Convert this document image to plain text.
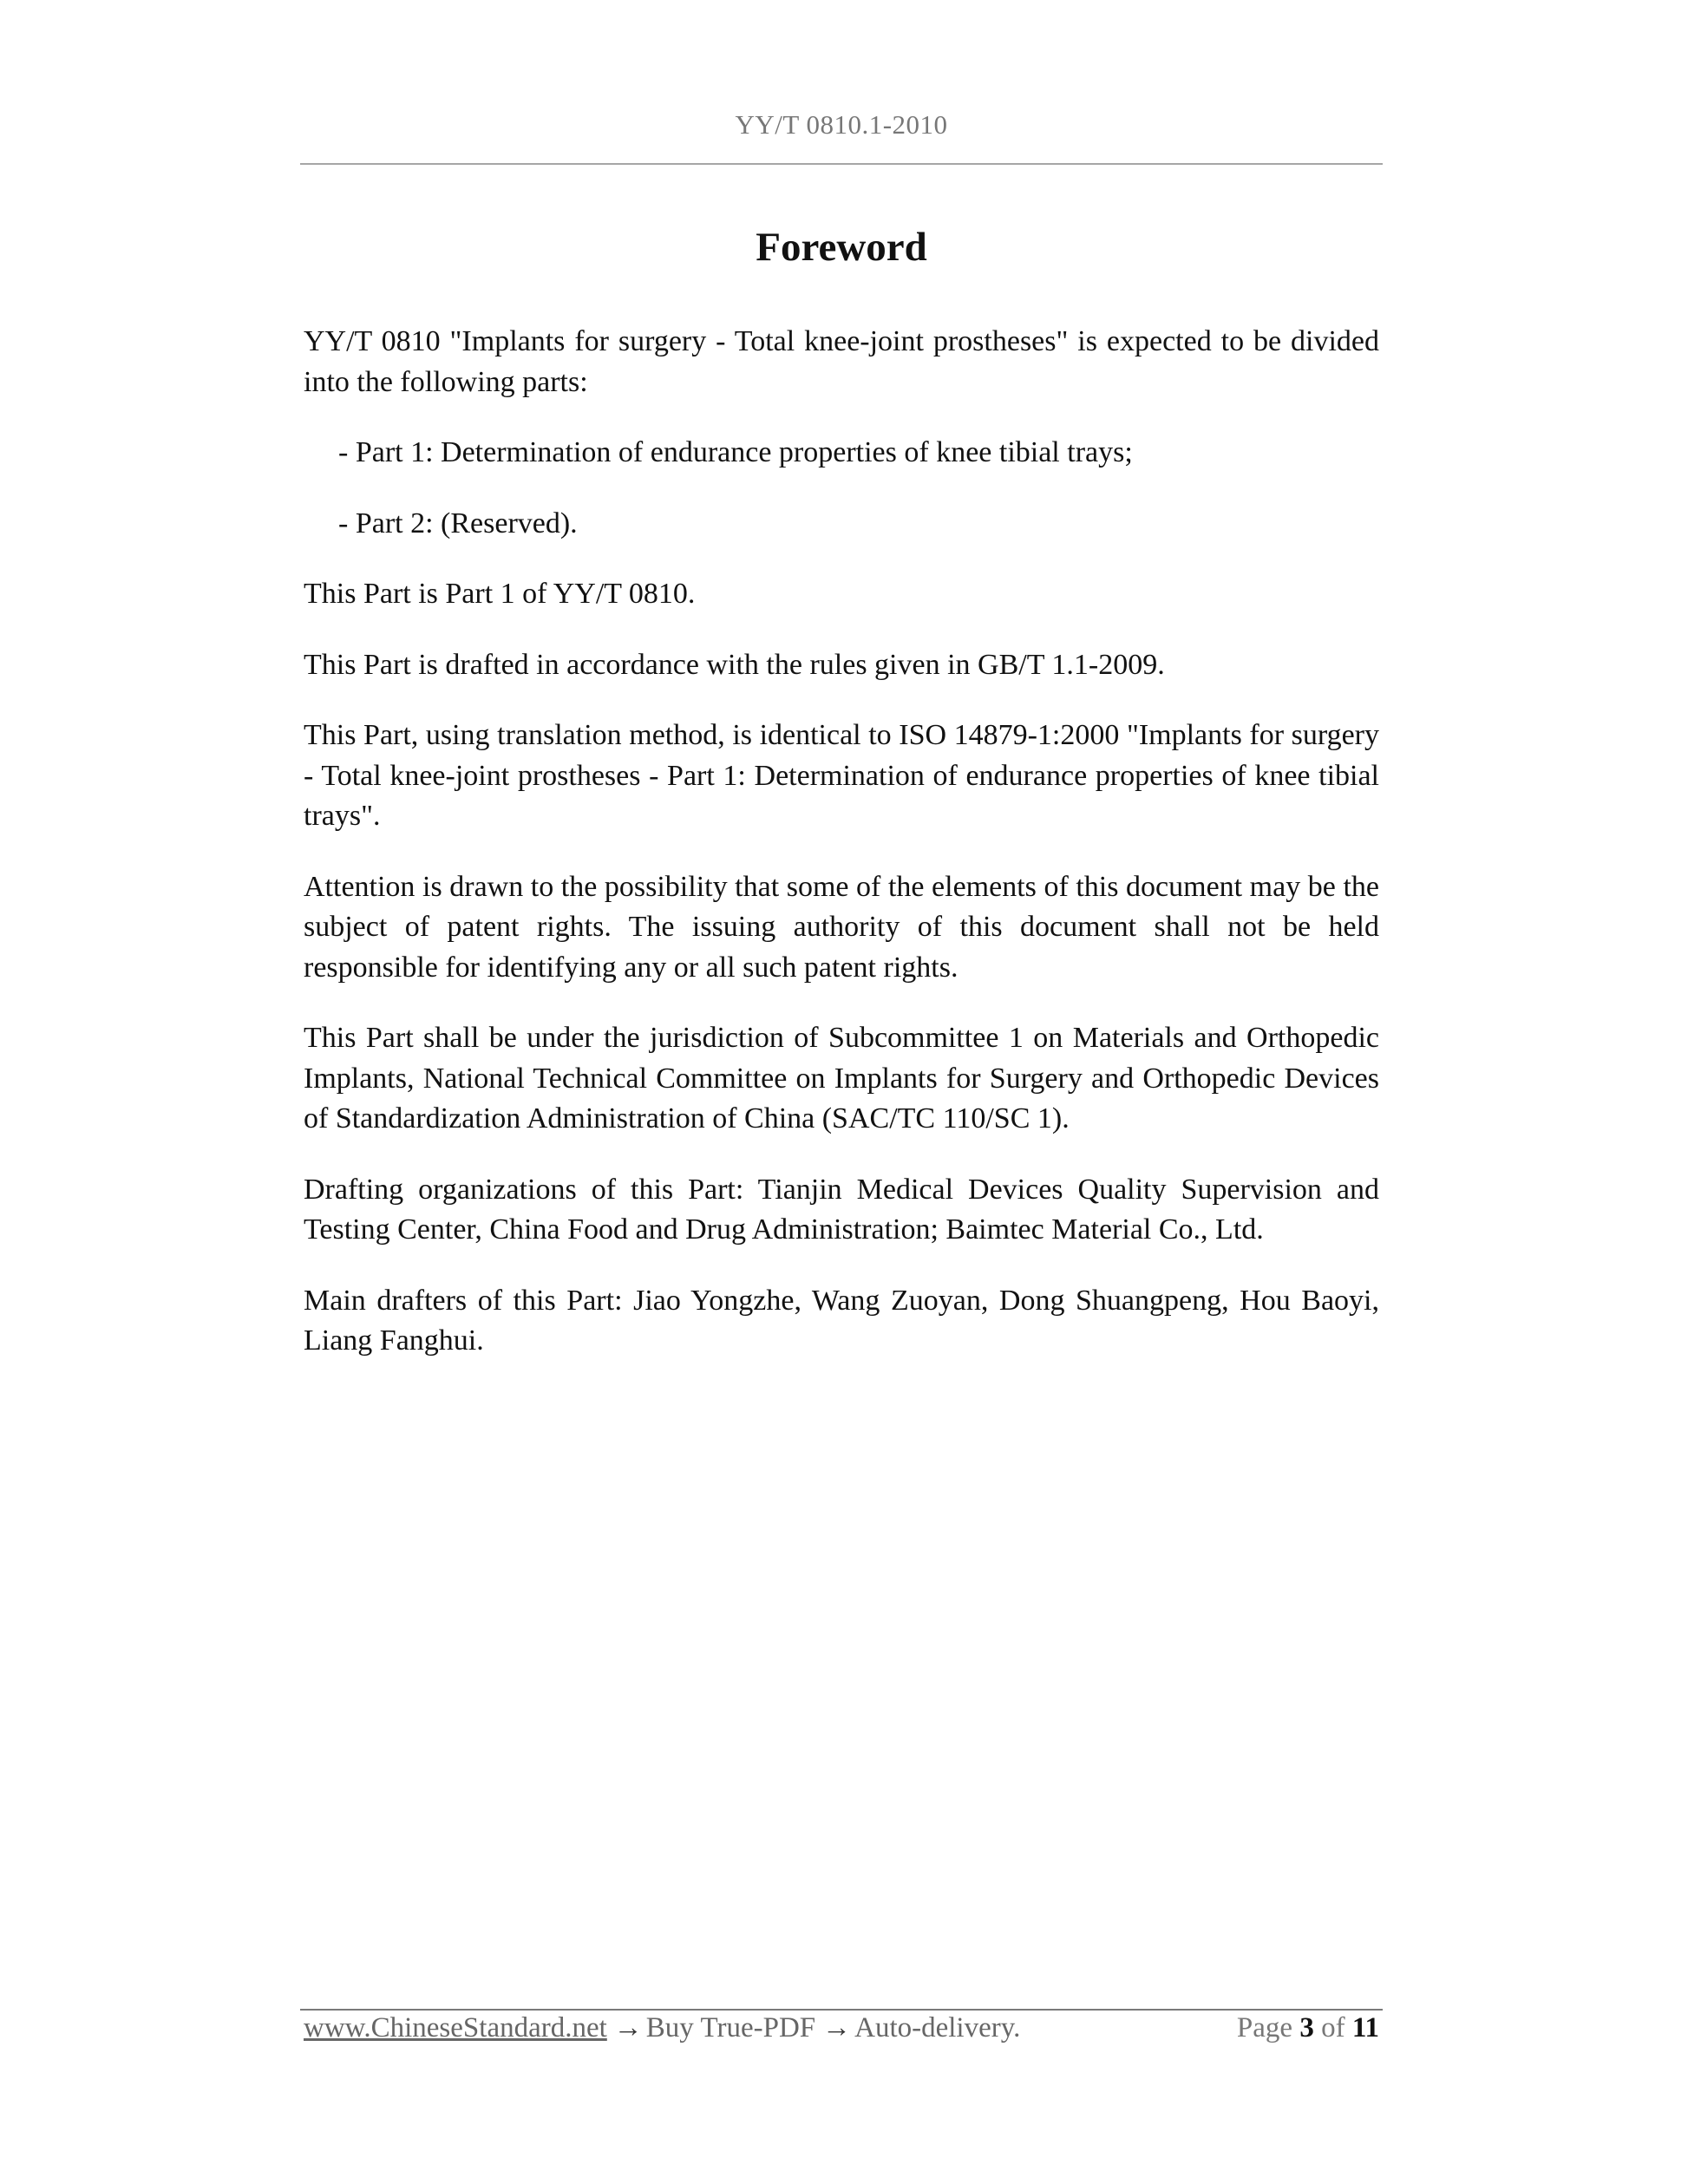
YY/T 0810.1-2010
Foreword

YY/T 0810 "Implants for surgery - Total knee-joint prostheses" is expected to be divided into the following parts:

- Part 1: Determination of endurance properties of knee tibial trays;

- Part 2: (Reserved).

This Part is Part 1 of YY/T 0810.

This Part is drafted in accordance with the rules given in GB/T 1.1-2009.

This Part, using translation method, is identical to ISO 14879-1:2000 "Implants for surgery - Total knee-joint prostheses - Part 1: Determination of endurance properties of knee tibial trays".

Attention is drawn to the possibility that some of the elements of this document may be the subject of patent rights. The issuing authority of this document shall not be held responsible for identifying any or all such patent rights.

This Part shall be under the jurisdiction of Subcommittee 1 on Materials and Orthopedic Implants, National Technical Committee on Implants for Surgery and Orthopedic Devices of Standardization Administration of China (SAC/TC 110/SC 1).

Drafting organizations of this Part: Tianjin Medical Devices Quality Supervision and Testing Center, China Food and Drug Administration; Baimtec Material Co., Ltd.

Main drafters of this Part: Jiao Yongzhe, Wang Zuoyan, Dong Shuangpeng, Hou Baoyi, Liang Fanghui.

www.ChineseStandard.net → Buy True-PDF → Auto-delivery.	Page 3 of 11
